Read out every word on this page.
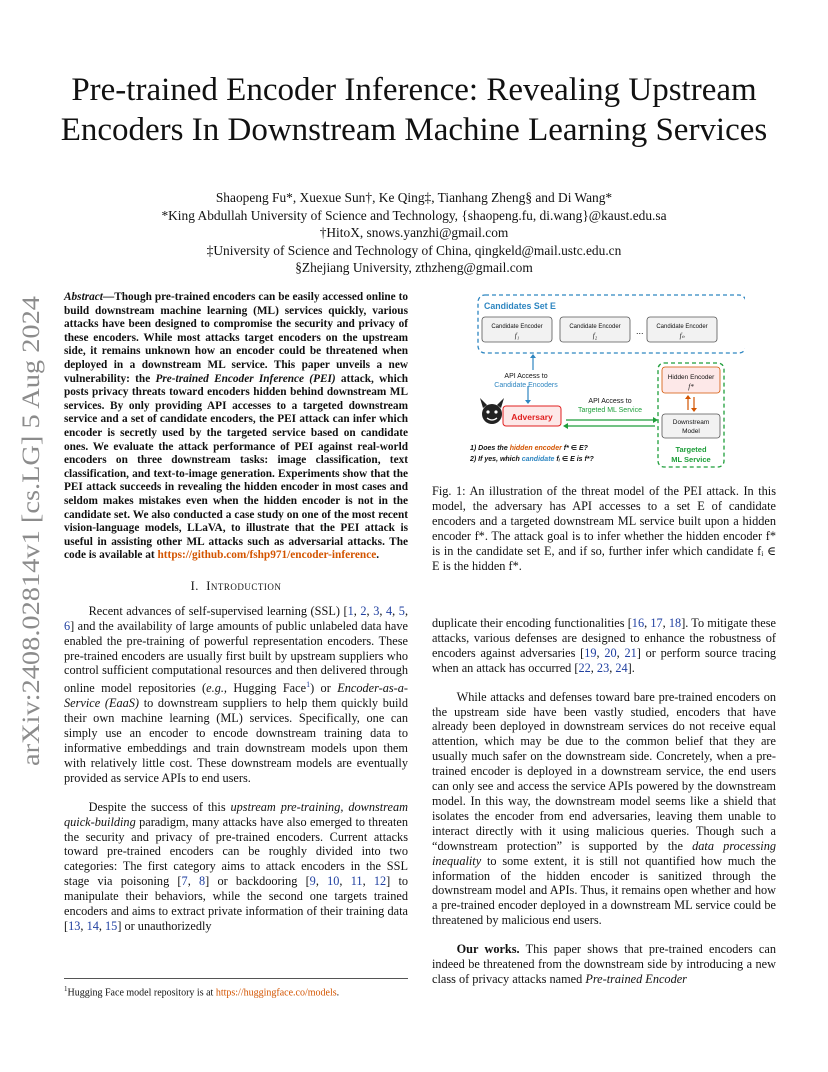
arXiv:2408.02814v1 [cs.LG] 5 Aug 2024
Pre-trained Encoder Inference: Revealing Upstream
Encoders In Downstream Machine Learning Services
Shaopeng Fu*, Xuexue Sun†, Ke Qing‡, Tianhang Zheng§ and Di Wang*
*King Abdullah University of Science and Technology, {shaopeng.fu, di.wang}@kaust.edu.sa
†HitoX, snows.yanzhi@gmail.com
‡University of Science and Technology of China, qingkeld@mail.ustc.edu.cn
§Zhejiang University, zthzheng@gmail.com
Abstract—Though pre-trained encoders can be easily accessed online to build downstream machine learning (ML) services quickly, various attacks have been designed to compromise the security and privacy of these encoders. While most attacks target encoders on the upstream side, it remains unknown how an encoder could be threatened when deployed in a downstream ML service. This paper unveils a new vulnerability: the Pre-trained Encoder Inference (PEI) attack, which posts privacy threats toward encoders hidden behind downstream ML services. By only providing API accesses to a targeted downstream service and a set of candidate encoders, the PEI attack can infer which encoder is secretly used by the targeted service based on candidate ones. We evaluate the attack performance of PEI against real-world encoders on three downstream tasks: image classification, text classification, and text-to-image generation. Experiments show that the PEI attack succeeds in revealing the hidden encoder in most cases and seldom makes mistakes even when the hidden encoder is not in the candidate set. We also conducted a case study on one of the most recent vision-language models, LLaVA, to illustrate that the PEI attack is useful in assisting other ML attacks such as adversarial attacks. The code is available at https://github.com/fshp971/encoder-inference.
I. Introduction

Recent advances of self-supervised learning (SSL) [1, 2, 3, 4, 5, 6] and the availability of large amounts of public unlabeled data have enabled the pre-training of powerful representation encoders. These pre-trained encoders are usually first built by upstream suppliers who control sufficient computational resources and then delivered through online model repositories (e.g., Hugging Face$^1$) or Encoder-as-a-Service (EaaS) to downstream suppliers to help them quickly build their own machine learning (ML) services. Specifically, one can simply use an encoder to encode downstream training data to informative embeddings and train downstream models upon them with relatively little cost. These downstream models are eventually provided as service APIs to end users.

Despite the success of this upstream pre-training, downstream quick-building paradigm, many attacks have also emerged to threaten the security and privacy of pre-trained encoders. Current attacks toward pre-trained encoders can be roughly divided into two categories: The first category aims to attack encoders in the SSL stage via poisoning [7, 8] or backdooring [9, 10, 11, 12] to manipulate their behaviors, while the second one targets trained encoders and aims to extract private information of their training data [13, 14, 15] or unauthorizedly

$^1$Hugging Face model repository is at https://huggingface.co/models.
Candidates Set E
Candidate Encoder
f₁
Candidate Encoder
f₂	... Candidate Encoder
fₙ
API Access to
Candidate Encoders
Adversary
API Access to
Targeted ML Service
Hidden Encoder
f*
Downstream
Model
Targeted
ML Service
1) Does the hidden encoder f* ∈ E?
2) If yes, which candidate fᵢ ∈ E is f*?
Fig. 1: An illustration of the threat model of the PEI attack. In this model, the adversary has API accesses to a set E of candidate encoders and a targeted downstream ML service built upon a hidden encoder f*. The attack goal is to infer whether the hidden encoder f* is in the candidate set E, and if so, further infer which candidate fᵢ ∈ E is the hidden f*.

duplicate their encoding functionalities [16, 17, 18]. To mitigate these attacks, various defenses are designed to enhance the robustness of encoders against adversaries [19, 20, 21] or perform source tracing when an attack has occurred [22, 23, 24].

While attacks and defenses toward bare pre-trained encoders on the upstream side have been vastly studied, encoders that have already been deployed in downstream services do not receive equal attention, which may be due to the common belief that they are usually much safer on the downstream side. Concretely, when a pre-trained encoder is deployed in a downstream service, the end users can only see and access the service APIs powered by the downstream model. In this way, the downstream model seems like a shield that isolates the encoder from end adversaries, leaving them unable to interact directly with it using malicious queries. Though such a “downstream protection” is supported by the data processing inequality to some extent, it is still not quantified how much the information of the hidden encoder is sanitized through the downstream model and APIs. Thus, it remains open whether and how a pre-trained encoder deployed in a downstream ML service could be threatened by malicious end users.

Our works. This paper shows that pre-trained encoders can indeed be threatened from the downstream side by introducing a new class of privacy attacks named Pre-trained Encoder
